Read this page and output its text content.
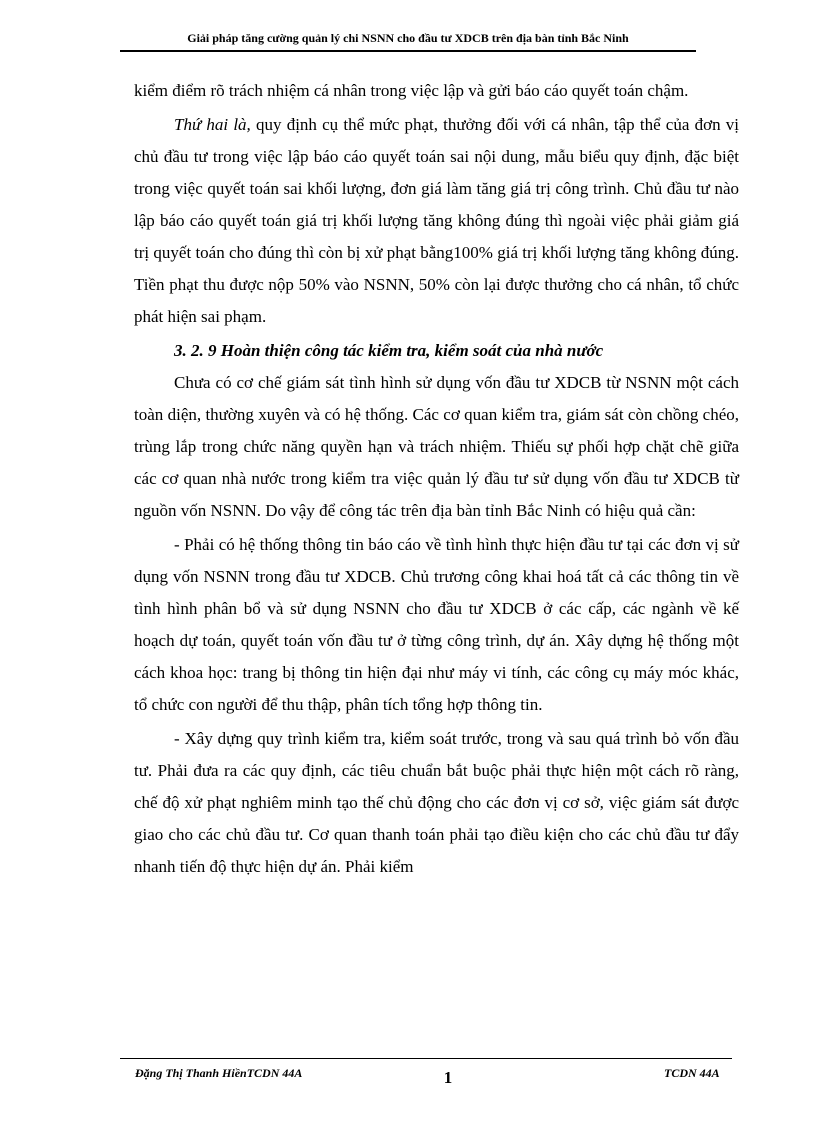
Giải pháp tăng cường quản lý chi NSNN cho đầu tư XDCB trên địa bàn tỉnh Bắc Ninh

kiểm điểm rõ trách nhiệm cá nhân trong việc lập và gửi báo cáo quyết toán chậm.

Thứ hai là, quy định cụ thể mức phạt, thưởng đối với cá nhân, tập thể của đơn vị chủ đầu tư trong việc lập báo cáo quyết toán sai nội dung, mẫu biểu quy định, đặc biệt trong việc quyết toán sai khối lượng, đơn giá làm tăng giá trị công trình. Chủ đầu tư nào lập báo cáo quyết toán giá trị khối lượng tăng không đúng thì ngoài việc phải giảm giá trị quyết toán cho đúng thì còn bị xử phạt bằng100% giá trị khối lượng tăng không đúng. Tiền phạt thu được nộp 50% vào NSNN, 50% còn lại được thưởng cho cá nhân, tổ chức phát hiện sai phạm.

3. 2. 9 Hoàn thiện công tác kiểm tra, kiểm soát của nhà nước

Chưa có cơ chế giám sát tình hình sử dụng vốn đầu tư XDCB từ NSNN một cách toàn diện, thường xuyên và có hệ thống. Các cơ quan kiểm tra, giám sát còn chồng chéo, trùng lắp trong chức năng quyền hạn và trách nhiệm. Thiếu sự phối hợp chặt chẽ giữa các cơ quan nhà nước trong kiểm tra việc quản lý đầu tư sử dụng vốn đầu tư XDCB từ nguồn vốn NSNN. Do vậy để công tác trên địa bàn tỉnh Bắc Ninh có hiệu quả cần:

- Phải có hệ thống thông tin báo cáo về tình hình thực hiện đầu tư tại các đơn vị sử dụng vốn NSNN trong đầu tư XDCB. Chủ trương công khai hoá tất cả các thông tin về tình hình phân bổ và sử dụng NSNN cho đầu tư XDCB ở các cấp, các ngành về kế hoạch dự toán, quyết toán vốn đầu tư ở từng công trình, dự án. Xây dựng hệ thống một cách khoa học: trang bị thông tin hiện đại như máy vi tính, các công cụ máy móc khác, tổ chức con người để thu thập, phân tích tổng hợp thông tin.

- Xây dựng quy trình kiểm tra, kiểm soát trước, trong và sau quá trình bỏ vốn đầu tư. Phải đưa ra các quy định, các tiêu chuẩn bắt buộc phải thực hiện một cách rõ ràng, chế độ xử phạt nghiêm minh tạo thế chủ động cho các đơn vị cơ sở, việc giám sát được giao cho các chủ đầu tư. Cơ quan thanh toán phải tạo điều kiện cho các chủ đầu tư đẩy nhanh tiến độ thực hiện dự án. Phải kiểm

Đặng Thị Thanh HiềnTCDN 44A	1	TCDN 44A
